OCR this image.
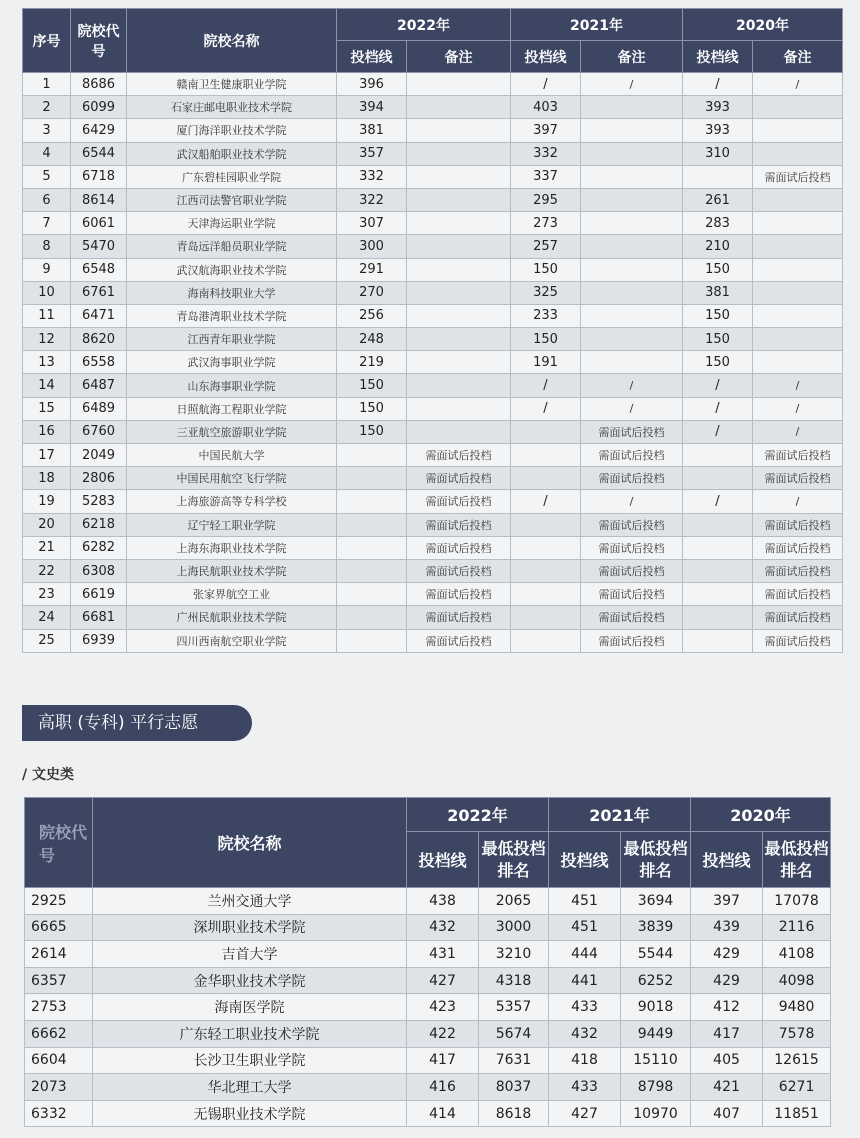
序号	院校代号	院校名称	2022年		2021年		2020年	
			投档线	备注	投档线	备注	投档线	备注
1	8686	赣南卫生健康职业学院	396		/	/	/	/
2	6099	石家庄邮电职业技术学院	394		403		393	
3	6429	厦门海洋职业技术学院	381		397		393	
4	6544	武汉船舶职业技术学院	357		332		310	
5	6718	广东碧桂园职业学院	332		337			需面试后投档
6	8614	江西司法警官职业学院	322		295		261	
7	6061	天津海运职业学院	307		273		283	
8	5470	青岛远洋船员职业学院	300		257		210	
9	6548	武汉航海职业技术学院	291		150		150	
10	6761	海南科技职业大学	270		325		381	
11	6471	青岛港湾职业技术学院	256		233		150	
12	8620	江西青年职业学院	248		150		150	
13	6558	武汉海事职业学院	219		191		150	
14	6487	山东海事职业学院	150		/	/	/	/
15	6489	日照航海工程职业学院	150		/	/	/	/
16	6760	三亚航空旅游职业学院	150			需面试后投档	/	/
17	2049	中国民航大学		需面试后投档		需面试后投档		需面试后投档
18	2806	中国民用航空飞行学院		需面试后投档		需面试后投档		需面试后投档
19	5283	上海旅游高等专科学校		需面试后投档	/	/	/	/
20	6218	辽宁轻工职业学院		需面试后投档		需面试后投档		需面试后投档
21	6282	上海东海职业技术学院		需面试后投档		需面试后投档		需面试后投档
22	6308	上海民航职业技术学院		需面试后投档		需面试后投档		需面试后投档
23	6619	张家界航空工业		需面试后投档		需面试后投档		需面试后投档
24	6681	广州民航职业技术学院		需面试后投档		需面试后投档		需面试后投档
25	6939	四川西南航空职业学院		需面试后投档		需面试后投档		需面试后投档
高职 (专科) 平行志愿
/ 文史类
院校代号	院校名称	2022年		2021年		2020年	
		投档线	最低投档排名	投档线	最低投档排名	投档线	最低投档排名
2925	兰州交通大学	438	2065	451	3694	397	17078
6665	深圳职业技术学院	432	3000	451	3839	439	2116
2614	吉首大学	431	3210	444	5544	429	4108
6357	金华职业技术学院	427	4318	441	6252	429	4098
2753	海南医学院	423	5357	433	9018	412	9480
6662	广东轻工职业技术学院	422	5674	432	9449	417	7578
6604	长沙卫生职业学院	417	7631	418	15110	405	12615
2073	华北理工大学	416	8037	433	8798	421	6271
6332	无锡职业技术学院	414	8618	427	10970	407	11851
